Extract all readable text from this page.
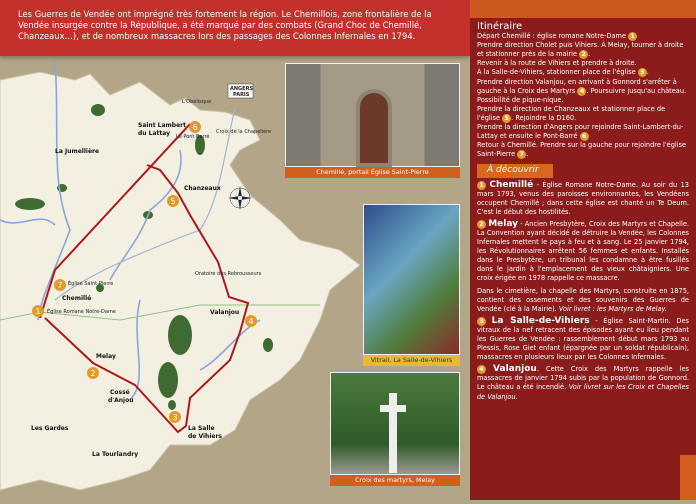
La Jumellière
Saint Lambert
du Lattay
Chanzeaux
Chemillé
Melay
Cossé
d'Anjou
Les Gardes
La Tourlandry
La Salle
de Vihiers
Valanjou
L'Obélisque
Le Pont Barré
Croix de la Chapelière
Église Saint-Pierre
Église Romane Notre-Dame
Oratoire des Rebrousseurs
ANGERS
PARIS
1
2
3
4
5
6
7
Chemillé, portail Église Saint-Pierre
Vitrail, La Salle-de-Vihiers
Croix des martyrs, Melay
Les Guerres de Vendée ont imprégné très fortement la région. Le Chemillois, zone frontalière de la Vendée insurgée contre la République, a été marqué par des combats (Grand Choc de Chemillé, Chanzeaux…), et de nombreux massacres lors des passages des Colonnes Infernales en 1794.
Itinéraire

Départ Chemillé : église romane Notre-Dame 1

Prendre direction Cholet puis Vihiers. À Melay, tourner à droite et stationner près de la mairie 2 .

Revenir à la route de Vihiers et prendre à droite.

À la Salle-de-Vihiers, stationner place de l'église 3 .

Prendre direction Valanjou, en arrivant à Gonnord s'arrêter à gauche à la Croix des Martyrs 4 . Poursuivre jusqu'au château. Possibilité de pique-nique.

Prendre la direction de Chanzeaux et stationner place de l'église 5 . Rejoindre la D160.

Prendre la direction d'Angers pour rejoindre Saint-Lambert-du-Lattay et ensuite le Pont-Barré 6

Retour à Chemillé. Prendre sur la gauche pour rejoindre l'église Saint-Pierre 7 .

À découvrir

1 Chemillé - Église Romane Notre-Dame. Au soir du 13 mars 1793, venus des paroisses environnantes, les Vendéens occupent Chemillé ; dans cette église est chanté un Te Deum. C'est le début des hostilités.

2 Melay - Ancien Presbytère, Croix des Martyrs et Chapelle. La Convention ayant décidé de détruire la Vendée, les Colonnes Infernales mettent le pays à feu et à sang. Le 25 janvier 1794, les Révolutionnaires arrêtent 56 femmes et enfants. Installés dans le Presbytère, un tribunal les condamne à être fusillés dans le jardin à l'emplacement des vieux châtaigniers. Une croix érigée en 1978 rappelle ce massacre.

Dans le cimetière, la chapelle des Martyrs, construite en 1875, contient des ossements et des souvenirs des Guerres de Vendée (clé à la Mairie). Voir livret : les Martyrs de Melay.

3 La Salle-de-Vihiers - Église Saint-Martin. Des vitraux de la nef retracent des épisodes ayant eu lieu pendant les Guerres de Vendée : rassemblement début mars 1793 au Plessis, Rose Giet enfant (épargnée par un soldat républicain), massacres en plusieurs lieux par les Colonnes Infernales.

4 Valanjou. Cette Croix des Martyrs rappelle les massacres de janvier 1794 subis par la population de Gonnord. Le château a été incendié. Voir livret sur les Croix et Chapelles de Valanjou.
